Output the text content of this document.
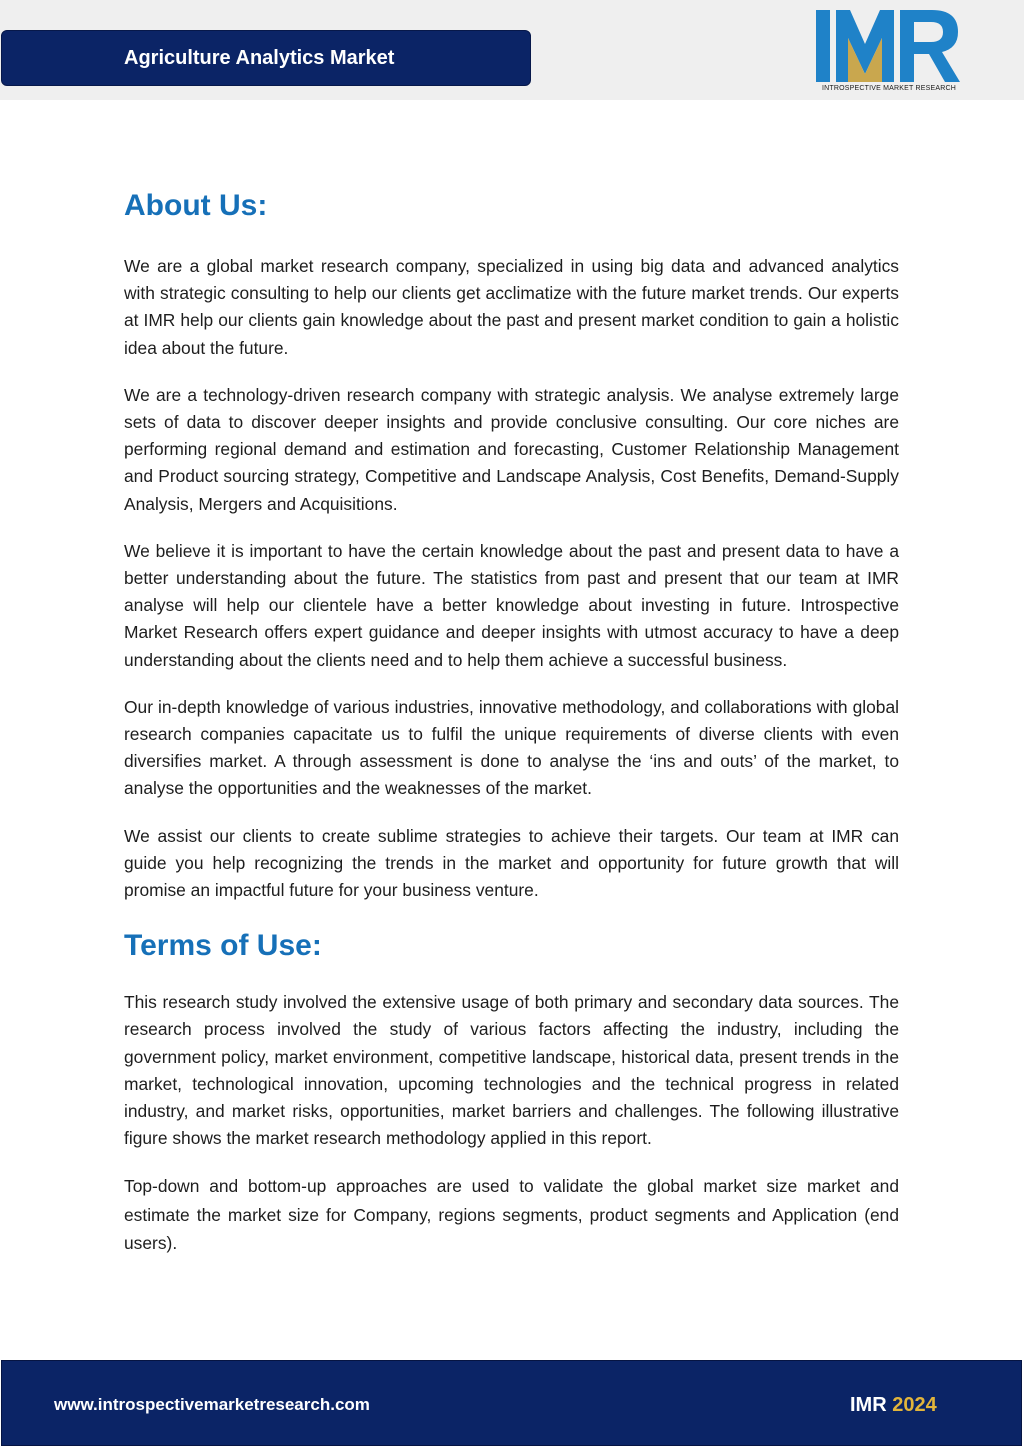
Agriculture Analytics Market
INTROSPECTIVE MARKET RESEARCH
About Us:

We are a global market research company, specialized in using big data and advanced analytics with strategic consulting to help our clients get acclimatize with the future market trends. Our experts at IMR help our clients gain knowledge about the past and present market condition to gain a holistic idea about the future.

We are a technology-driven research company with strategic analysis. We analyse extremely large sets of data to discover deeper insights and provide conclusive consulting. Our core niches are performing regional demand and estimation and forecasting, Customer Relationship Management and Product sourcing strategy, Competitive and Landscape Analysis, Cost Benefits, Demand-Supply Analysis, Mergers and Acquisitions.

We believe it is important to have the certain knowledge about the past and present data to have a better understanding about the future. The statistics from past and present that our team at IMR analyse will help our clientele have a better knowledge about investing in future. Introspective Market Research offers expert guidance and deeper insights with utmost accuracy to have a deep understanding about the clients need and to help them achieve a successful business.

Our in-depth knowledge of various industries, innovative methodology, and collaborations with global research companies capacitate us to fulfil the unique requirements of diverse clients with even diversifies market. A through assessment is done to analyse the ‘ins and outs’ of the market, to analyse the opportunities and the weaknesses of the market.

We assist our clients to create sublime strategies to achieve their targets. Our team at IMR can guide you help recognizing the trends in the market and opportunity for future growth that will promise an impactful future for your business venture.

Terms of Use:

This research study involved the extensive usage of both primary and secondary data sources. The research process involved the study of various factors affecting the industry, including the government policy, market environment, competitive landscape, historical data, present trends in the market, technological innovation, upcoming technologies and the technical progress in related industry, and market risks, opportunities, market barriers and challenges. The following illustrative figure shows the market research methodology applied in this report.

Top-down and bottom-up approaches are used to validate the global market size market and estimate the market size for Company, regions segments, product segments and Application (end users).

www.introspectivemarketresearch.com	IMR 2024
